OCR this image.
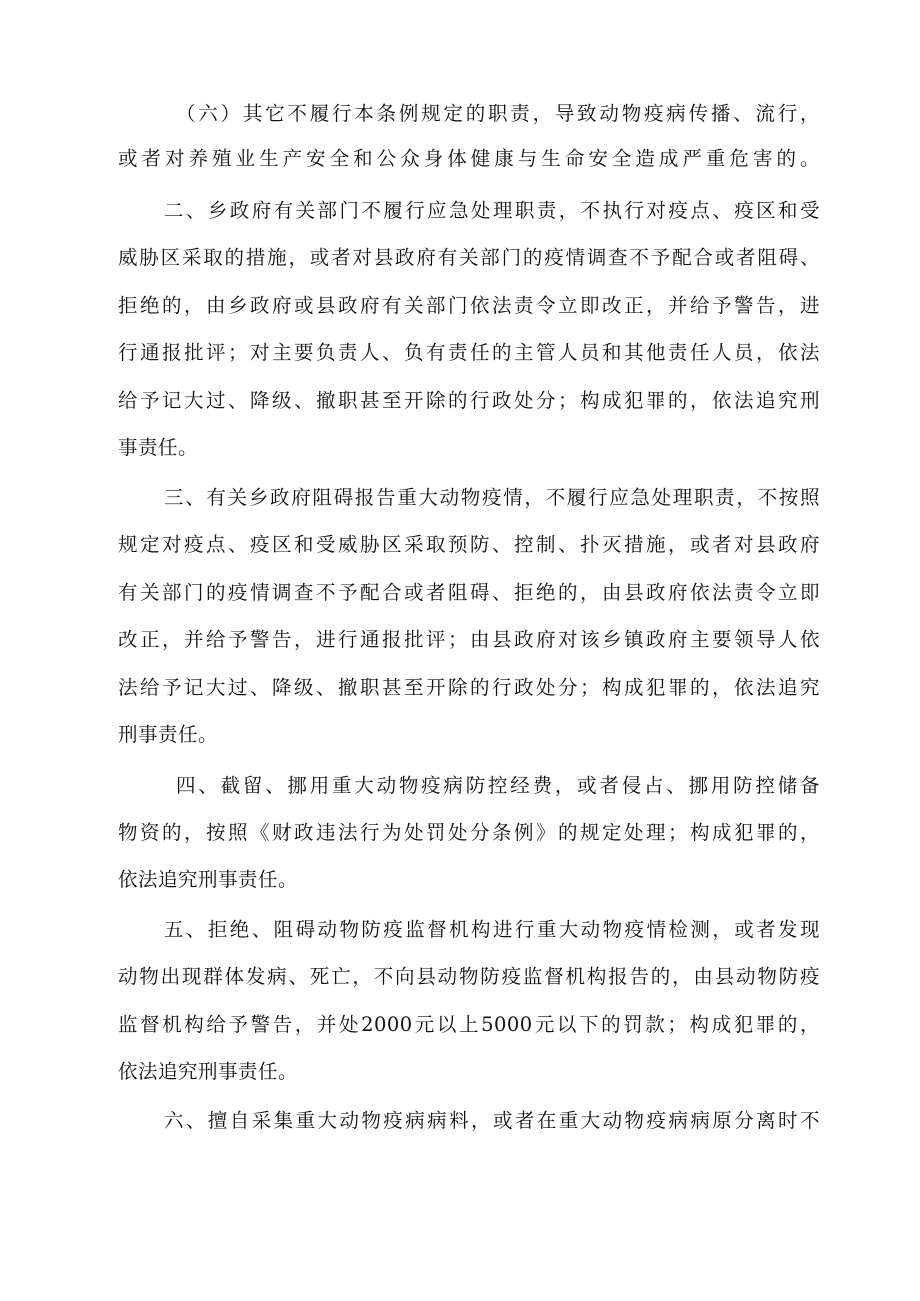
（六）其它不履行本条例规定的职责，导致动物疫病传播、流行，
或者对养殖业生产安全和公众身体健康与生命安全造成严重危害的。
二、乡政府有关部门不履行应急处理职责，不执行对疫点、疫区和受
威胁区采取的措施，或者对县政府有关部门的疫情调查不予配合或者阻碍、
拒绝的，由乡政府或县政府有关部门依法责令立即改正，并给予警告，进
行通报批评；对主要负责人、负有责任的主管人员和其他责任人员，依法
给予记大过、降级、撤职甚至开除的行政处分；构成犯罪的，依法追究刑
事责任。
三、有关乡政府阻碍报告重大动物疫情，不履行应急处理职责，不按照
规定对疫点、疫区和受威胁区采取预防、控制、扑灭措施，或者对县政府
有关部门的疫情调查不予配合或者阻碍、拒绝的，由县政府依法责令立即
改正，并给予警告，进行通报批评；由县政府对该乡镇政府主要领导人依
法给予记大过、降级、撤职甚至开除的行政处分；构成犯罪的，依法追究
刑事责任。
四、截留、挪用重大动物疫病防控经费，或者侵占、挪用防控储备
物资的，按照《财政违法行为处罚处分条例》的规定处理；构成犯罪的，
依法追究刑事责任。
五、拒绝、阻碍动物防疫监督机构进行重大动物疫情检测，或者发现
动物出现群体发病、死亡，不向县动物防疫监督机构报告的，由县动物防疫
监督机构给予警告，并处2000元以上5000元以下的罚款；构成犯罪的，
依法追究刑事责任。
六、擅自采集重大动物疫病病料，或者在重大动物疫病病原分离时不
